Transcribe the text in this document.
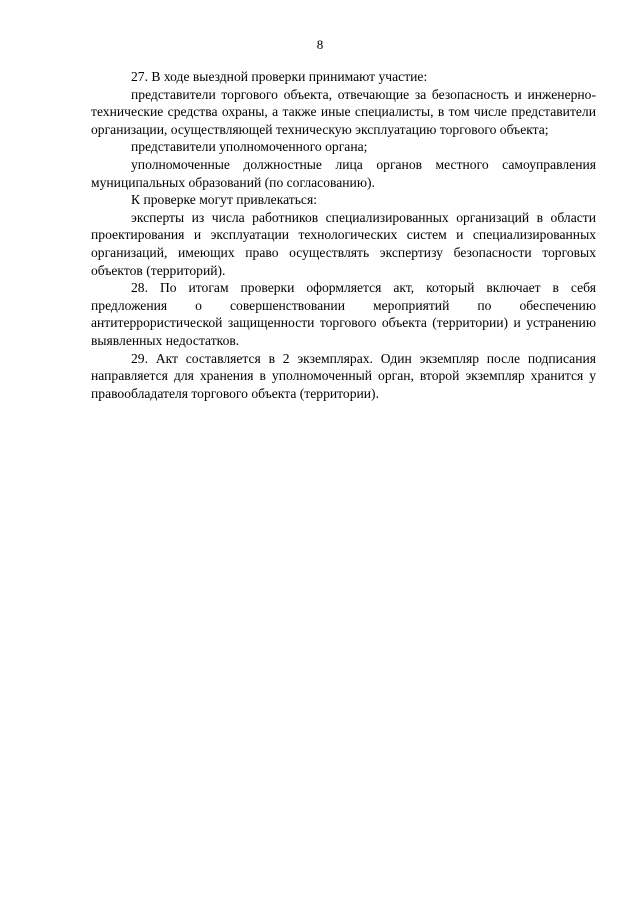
8

27. В ходе выездной проверки принимают участие:

представители торгового объекта, отвечающие за безопасность и инженерно-технические средства охраны, а также иные специалисты, в том числе представители организации, осуществляющей техническую эксплуатацию торгового объекта;

представители уполномоченного органа;

уполномоченные должностные лица органов местного самоуправления муниципальных образований (по согласованию).

К проверке могут привлекаться:

эксперты из числа работников специализированных организаций в области проектирования и эксплуатации технологических систем и специализированных организаций, имеющих право осуществлять экспертизу безопасности торговых объектов (территорий).

28. По итогам проверки оформляется акт, который включает в себя предложения о совершенствовании мероприятий по обеспечению антитеррористической защищенности торгового объекта (территории) и устранению выявленных недостатков.

29. Акт составляется в 2 экземплярах. Один экземпляр после подписания направляется для хранения в уполномоченный орган, второй экземпляр хранится у правообладателя торгового объекта (территории).
